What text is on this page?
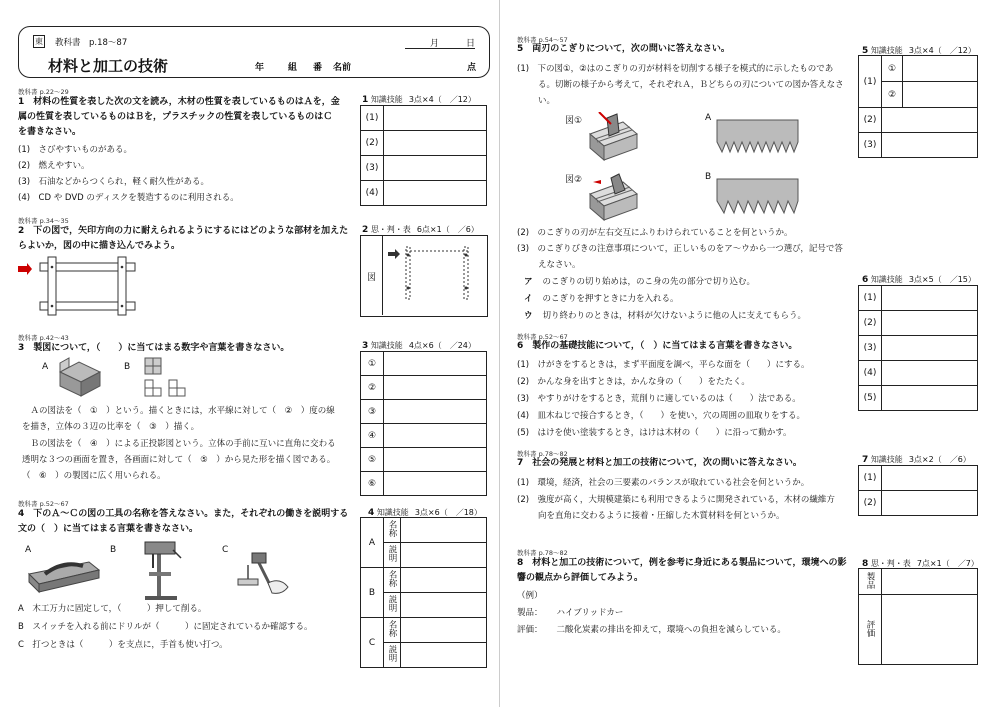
東 教科書　p.18〜87	月	日
材料と加工の技術	年	組 番 名前	点
教科書 p.22〜29
1　材料の性質を表した次の文を読み，木材の性質を表しているものはＡを，金
属の性質を表しているものはＢを，プラスチックの性質を表しているものはＣ
を書きなさい。
(1)　さびやすいものがある。
(2)　燃えやすい。
(3)　石油などからつくられ，軽く耐久性がある。
(4)　CD や DVD のディスクを製造するのに利用される。
1 知識技能 3点×4（ ／12）
(1)	
(2)	
(3)	
(4)	
教科書 p.34〜35
2　下の図で，矢印方向の力に耐えられるようにするにはどのような部材を加えた
らよいか，図の中に描き込んでみよう。
2 思・判・表 6点×1（ ／6）
図
教科書 p.42〜43
3　製図について，（　　）に当てはまる数字や言葉を書きなさい。
A	B
　Ａの図法を（　①　）という。描くときには，水平線に対して（　②　）度の線
を描き，立体の３辺の比率を（　③　）描く。
　Ｂの図法を（　④　）による正投影図という。立体の手前に互いに直角に交わる
透明な３つの画面を置き，各画面に対して（　⑤　）から見た形を描く図である。
（　⑥　）の製図に広く用いられる。
3 知識技能 4点×6（ ／24）
①	
②	
③	
④	
⑤	
⑥	
教科書 p.52〜67
4　下のＡ〜Ｃの図の工具の名称を答えなさい。また，それぞれの働きを説明する
文の（　）に当てはまる言葉を書きなさい。
A	B	C
A　木工万力に固定して，（　　　）押して削る。
B　スイッチを入れる前にドリルが（　　　）に固定されているか確認する。
C　打つときは（　　　）を支点に，手首も使い打つ。
4 知識技能 3点×6（ ／18）
A	名称	
	説明	
B	名称	
	説明	
C	名称	
	説明	
教科書 p.54〜57
5　両刃のこぎりについて，次の問いに答えなさい。
(1)　下の図①，②はのこぎりの刃が材料を切削する様子を模式的に示したものであ
る。切断の様子から考えて，それぞれＡ，Ｂどちらの刃についての図か答えなさ
い。
図①	A
図②	B
(2)　のこぎりの刃が左右交互にふりわけられていることを何というか。
(3)　のこぎりびきの注意事項について，正しいものをア〜ウから一つ選び，記号で答
えなさい。
ア のこぎりの切り始めは，のこ身の先の部分で切り込む。
イ のこぎりを押すときに力を入れる。
ウ 切り終わりのときは，材料が欠けないように他の人に支えてもらう。
5 知識技能 3点×4（ ／12）
(1)	①	
	②	
(2)		
(3)		
教科書 p.52〜67
6　製作の基礎技能について，（　）に当てはまる言葉を書きなさい。
(1)　けがきをするときは，まず平面度を調べ，平らな面を（　　）にする。
(2)　かんな身を出すときは，かんな身の（　　）をたたく。
(3)　やすりがけをするとき，荒削りに適しているのは（　　）法である。
(4)　皿木ねじで接合するとき，（　　）を使い，穴の周囲の皿取りをする。
(5)　はけを使い塗装するとき，はけは木材の（　　）に沿って動かす。
6 知識技能 3点×5（ ／15）
(1)	
(2)	
(3)	
(4)	
(5)	
教科書 p.78〜82
7　社会の発展と材料と加工の技術について，次の問いに答えなさい。
(1)　環境，経済，社会の三要素のバランスが取れている社会を何というか。
(2)　強度が高く，大規模建築にも利用できるように開発されている，木材の繊維方
向を直角に交わるように接着・圧縮した木質材料を何というか。
7 知識技能 3点×2（ ／6）
(1)	
(2)	
教科書 p.78〜82
8　材料と加工の技術について，例を参考に身近にある製品について，環境への影
響の観点から評価してみよう。
（例）
製品： ハイブリッドカー
評価： 二酸化炭素の排出を抑えて，環境への負担を減らしている。
8 思・判・表 7点×1（ ／7）
製品	
評価	
